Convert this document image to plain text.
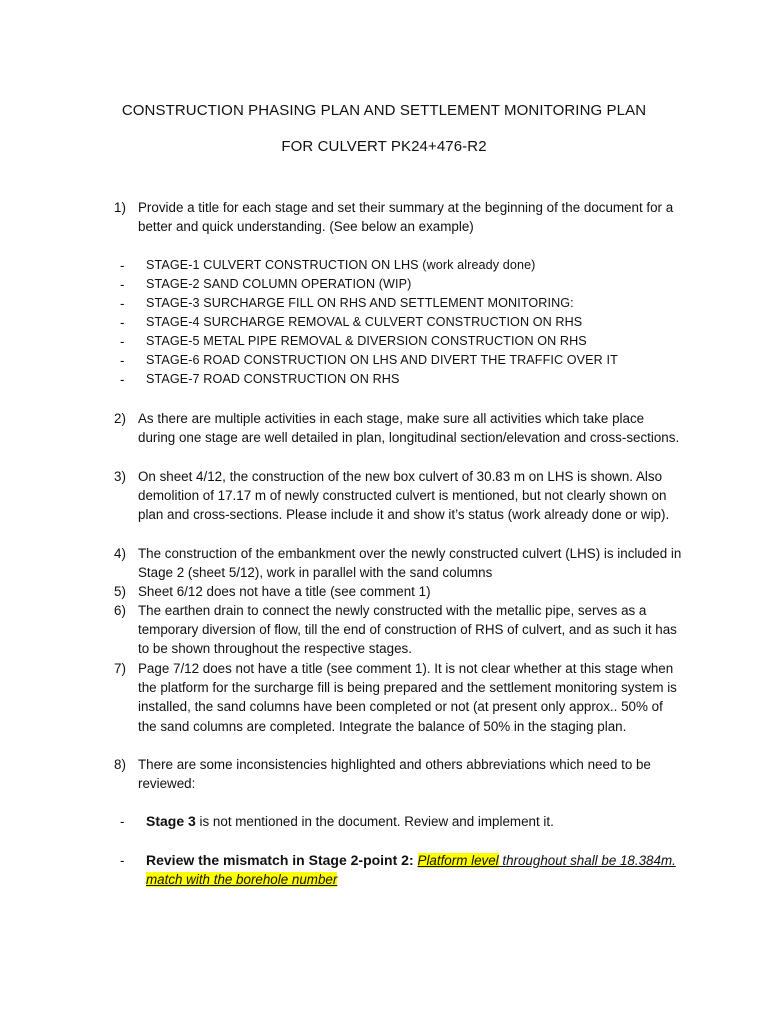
CONSTRUCTION PHASING PLAN AND SETTLEMENT MONITORING PLAN
FOR CULVERT PK24+476-R2
1) Provide a title for each stage and set their summary at the beginning of the document for a better and quick understanding. (See below an example)
- STAGE-1 CULVERT CONSTRUCTION ON LHS (work already done)
- STAGE-2 SAND COLUMN OPERATION (WIP)
- STAGE-3 SURCHARGE FILL ON RHS AND SETTLEMENT MONITORING:
- STAGE-4 SURCHARGE REMOVAL & CULVERT CONSTRUCTION ON RHS
- STAGE-5 METAL PIPE REMOVAL & DIVERSION CONSTRUCTION ON RHS
- STAGE-6 ROAD CONSTRUCTION ON LHS AND DIVERT THE TRAFFIC OVER IT
- STAGE-7 ROAD CONSTRUCTION ON RHS
2) As there are multiple activities in each stage, make sure all activities which take place during one stage are well detailed in plan, longitudinal section/elevation and cross-sections.
3) On sheet 4/12, the construction of the new box culvert of 30.83 m on LHS is shown. Also demolition of 17.17 m of newly constructed culvert is mentioned, but not clearly shown on plan and cross-sections. Please include it and show it’s status (work already done or wip).
4) The construction of the embankment over the newly constructed culvert (LHS) is included in Stage 2 (sheet 5/12), work in parallel with the sand columns
5) Sheet 6/12 does not have a title (see comment 1)
6) The earthen drain to connect the newly constructed with the metallic pipe, serves as a temporary diversion of flow, till the end of construction of RHS of culvert, and as such it has to be shown throughout the respective stages.
7) Page 7/12 does not have a title (see comment 1). It is not clear whether at this stage when the platform for the surcharge fill is being prepared and the settlement monitoring system is installed, the sand columns have been completed or not (at present only approx.. 50% of the sand columns are completed. Integrate the balance of 50% in the staging plan.
8) There are some inconsistencies highlighted and others abbreviations which need to be reviewed:
- Stage 3 is not mentioned in the document. Review and implement it.
- Review the mismatch in Stage 2-point 2: Platform level throughout shall be 18.384m. match with the borehole number
